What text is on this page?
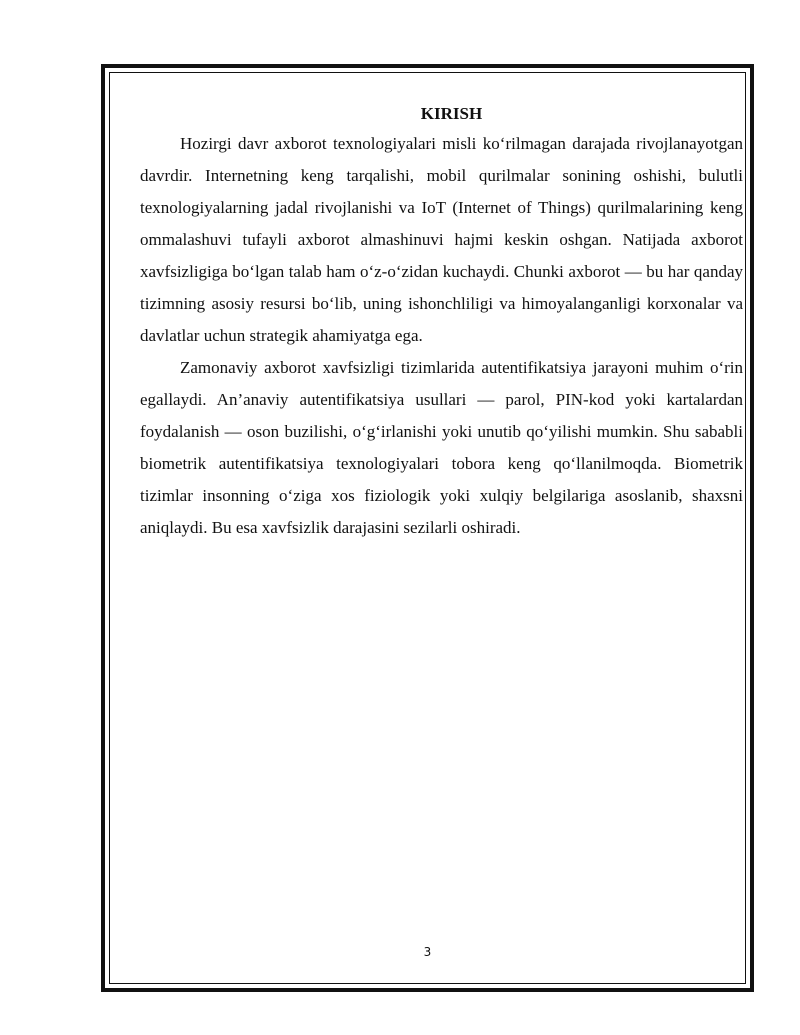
KIRISH

Hozirgi davr axborot texnologiyalari misli ko‘rilmagan darajada rivojlanayotgan davrdir. Internetning keng tarqalishi, mobil qurilmalar sonining oshishi, bulutli texnologiyalarning jadal rivojlanishi va IoT (Internet of Things) qurilmalarining keng ommalashuvi tufayli axborot almashinuvi hajmi keskin oshgan. Natijada axborot xavfsizligiga bo‘lgan talab ham o‘z-o‘zidan kuchaydi. Chunki axborot — bu har qanday tizimning asosiy resursi bo‘lib, uning ishonchliligi va himoyalanganligi korxonalar va davlatlar uchun strategik ahamiyatga ega.

Zamonaviy axborot xavfsizligi tizimlarida autentifikatsiya jarayoni muhim o‘rin egallaydi. An’anaviy autentifikatsiya usullari — parol, PIN-kod yoki kartalardan foydalanish — oson buzilishi, o‘g‘irlanishi yoki unutib qo‘yilishi mumkin. Shu sababli biometrik autentifikatsiya texnologiyalari tobora keng qo‘llanilmoqda. Biometrik tizimlar insonning o‘ziga xos fiziologik yoki xulqiy belgilariga asoslanib, shaxsni aniqlaydi. Bu esa xavfsizlik darajasini sezilarli oshiradi.

3
